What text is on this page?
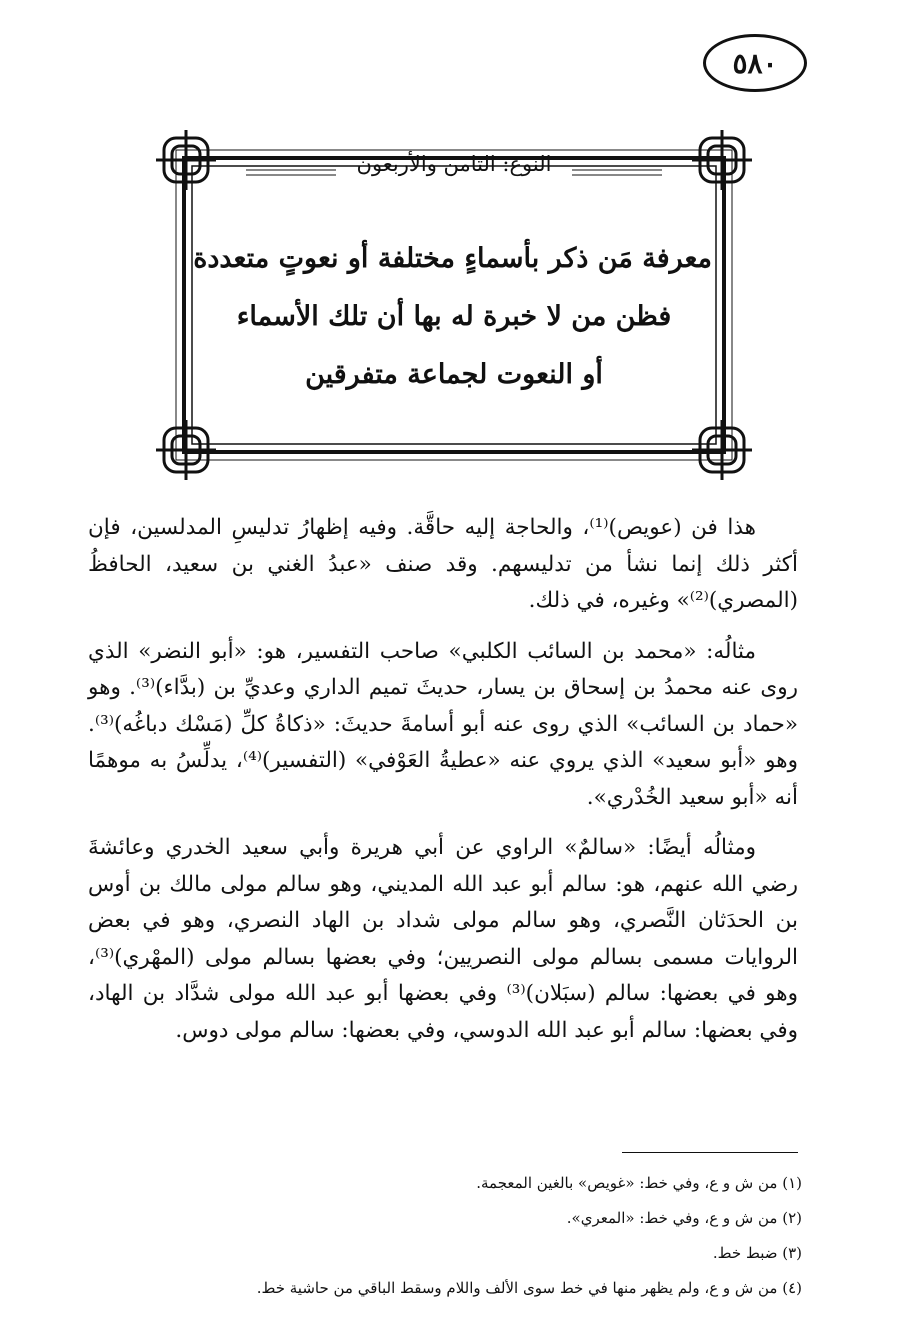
٥٨٠
النوع: الثامن والأربعون
معرفة مَن ذكر بأسماءٍ مختلفة أو نعوتٍ متعددة
فظن من لا خبرة له بها أن تلك الأسماء
أو النعوت لجماعة متفرقين

هذا فن (عويص)⁽¹⁾، والحاجة إليه حاقَّة. وفيه إظهارُ تدليسِ المدلسين، فإن أكثر ذلك إنما نشأ من تدليسهم. وقد صنف «عبدُ الغني بن سعيد، الحافظُ (المصري)⁽²⁾» وغيره، في ذلك.

مثالُه: «محمد بن السائب الكلبي» صاحب التفسير، هو: «أبو النضر» الذي روى عنه محمدُ بن إسحاق بن يسار، حديثَ تميم الداري وعديِّ بن (بدَّاء)⁽³⁾. وهو «حماد بن السائب» الذي روى عنه أبو أسامةَ حديثَ: «ذكاةُ كلِّ (مَسْك دباغُه)⁽³⁾. وهو «أبو سعيد» الذي يروي عنه «عطيةُ العَوْفي» (التفسير)⁽⁴⁾، يدلِّسُ به موهمًا أنه «أبو سعيد الخُدْري».

ومثالُه أيضًا: «سالمٌ» الراوي عن أبي هريرة وأبي سعيد الخدري وعائشةَ رضي الله عنهم، هو: سالم أبو عبد الله المديني، وهو سالم مولى مالك بن أوس بن الحدَثان النَّصري، وهو سالم مولى شداد بن الهاد النصري، وهو في بعض الروايات مسمى بسالم مولى النصريين؛ وفي بعضها بسالم مولى (المهْري)⁽³⁾، وهو في بعضها: سالم (سبَلان)⁽³⁾ وفي بعضها أبو عبد الله مولى شدَّاد بن الهاد، وفي بعضها: سالم أبو عبد الله الدوسي، وفي بعضها: سالم مولى دوس.

(١) من ش و ع، وفي خط: «غويص» بالغين المعجمة.
(٢) من ش و ع، وفي خط: «المعري».
(٣) ضبط خط.
(٤) من ش و ع، ولم يظهر منها في خط سوى الألف واللام وسقط الباقي من حاشية خط.
